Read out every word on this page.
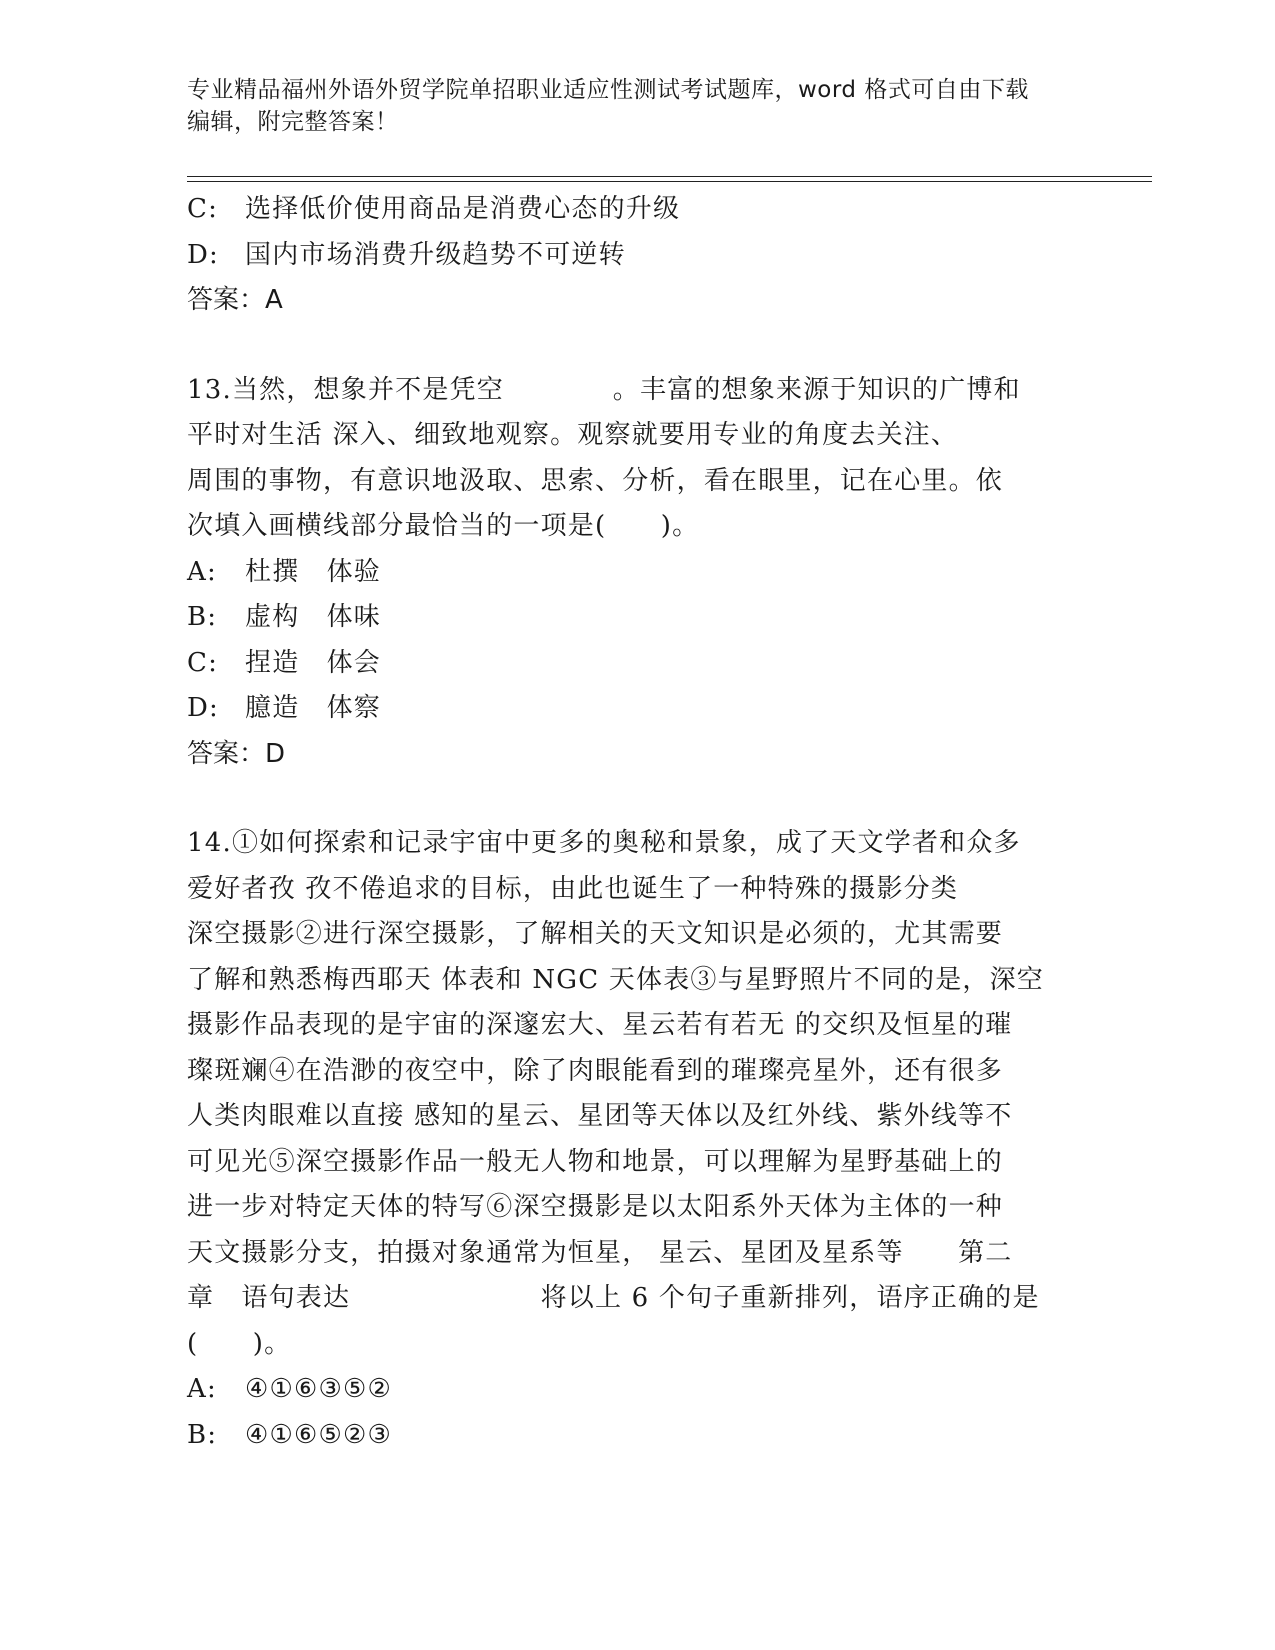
专业精品福州外语外贸学院单招职业适应性测试考试题库，word 格式可自由下载
编辑，附完整答案！
C:	选择低价使用商品是消费心态的升级
D: 国内市场消费升级趋势不可逆转
答案：A
13.当然，想象并不是凭空　　　　。丰富的想象来源于知识的广博和
平时对生活 深入、细致地观察。观察就要用专业的角度去关注、
周围的事物，有意识地汲取、思索、分析，看在眼里，记在心里。依
次填入画横线部分最恰当的一项是(　　)。
A:	杜撰　体验
B:	虚构　体味
C:	捏造　体会
D: 臆造　体察
答案：D
14.①如何探索和记录宇宙中更多的奥秘和景象，成了天文学者和众多
爱好者孜 孜不倦追求的目标，由此也诞生了一种特殊的摄影分类
深空摄影②进行深空摄影，了解相关的天文知识是必须的，尤其需要
了解和熟悉梅西耶天 体表和 NGC 天体表③与星野照片不同的是，深空
摄影作品表现的是宇宙的深邃宏大、星云若有若无 的交织及恒星的璀
璨斑斓④在浩渺的夜空中，除了肉眼能看到的璀璨亮星外，还有很多
人类肉眼难以直接 感知的星云、星团等天体以及红外线、紫外线等不
可见光⑤深空摄影作品一般无人物和地景，可以理解为星野基础上的
进一步对特定天体的特写⑥深空摄影是以太阳系外天体为主体的一种
天文摄影分支，拍摄对象通常为恒星， 星云、星团及星系等　　第二
章　语句表达　　　　　　　将以上 6 个句子重新排列，语序正确的是
(　　)。
A:	④①⑥③⑤②
B:	④①⑥⑤②③
